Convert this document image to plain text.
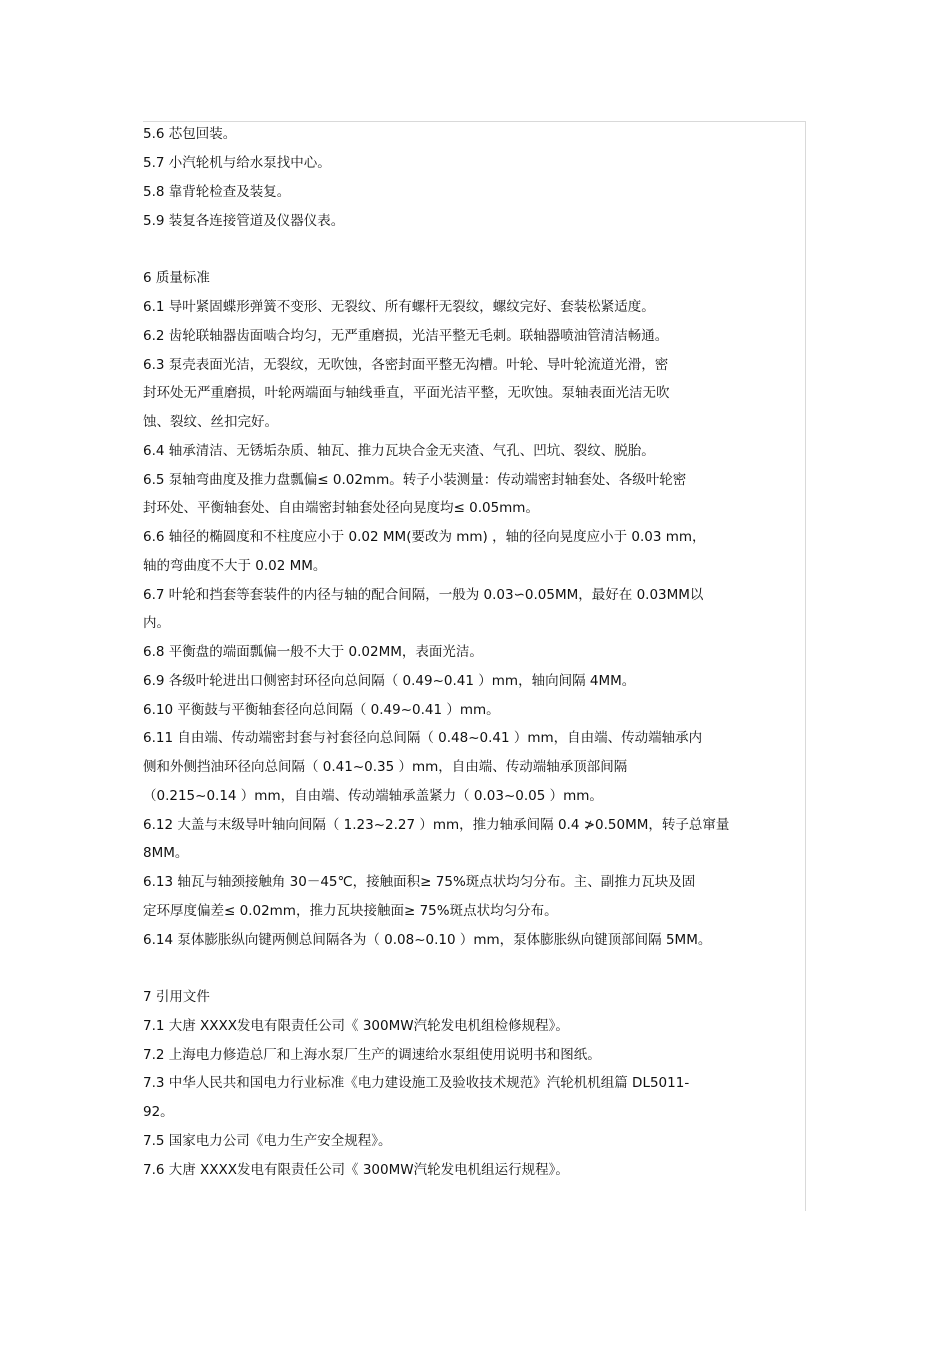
5.6 芯包回装。
5.7 小汽轮机与给水泵找中心。
5.8 靠背轮检查及装复。
5.9 装复各连接管道及仪器仪表。
6 质量标准
6.1 导叶紧固蝶形弹簧不变形、无裂纹、所有螺杆无裂纹，螺纹完好、套装松紧适度。
6.2 齿轮联轴器齿面啮合均匀，无严重磨损，光洁平整无毛刺。联轴器喷油管清洁畅通。
6.3 泵壳表面光洁，无裂纹，无吹蚀，各密封面平整无沟槽。叶轮、导叶轮流道光滑，密
封环处无严重磨损，叶轮两端面与轴线垂直，平面光洁平整，无吹蚀。泵轴表面光洁无吹
蚀、裂纹、丝扣完好。
6.4 轴承清洁、无锈垢杂质、轴瓦、推力瓦块合金无夹渣、气孔、凹坑、裂纹、脱胎。
6.5 泵轴弯曲度及推力盘瓢偏≤ 0.02mm。转子小装测量：传动端密封轴套处、各级叶轮密
封环处、平衡轴套处、自由端密封轴套处径向晃度均≤ 0.05mm。
6.6 轴径的椭圆度和不柱度应小于 0.02 MM(要改为 mm) ，轴的径向晃度应小于 0.03 mm，
轴的弯曲度不大于 0.02 MM。
6.7 叶轮和挡套等套装件的内径与轴的配合间隔，一般为 0.03∽0.05MM，最好在 0.03MM以
内。
6.8 平衡盘的端面瓢偏一般不大于 0.02MM，表面光洁。
6.9 各级叶轮进出口侧密封环径向总间隔（ 0.49~0.41 ）mm，轴向间隔 4MM。
6.10 平衡鼓与平衡轴套径向总间隔（ 0.49~0.41 ）mm。
6.11 自由端、传动端密封套与衬套径向总间隔（ 0.48~0.41 ）mm，自由端、传动端轴承内
侧和外侧挡油环径向总间隔（ 0.41~0.35 ）mm，自由端、传动端轴承顶部间隔
（0.215~0.14 ）mm，自由端、传动端轴承盖紧力（ 0.03~0.05 ）mm。
6.12 大盖与末级导叶轴向间隔（ 1.23~2.27 ）mm，推力轴承间隔 0.4 ≯0.50MM，转子总窜量
8MM。
6.13 轴瓦与轴颈接触角 30－45℃，接触面积≥ 75%斑点状均匀分布。主、副推力瓦块及固
定环厚度偏差≤ 0.02mm，推力瓦块接触面≥ 75%斑点状均匀分布。
6.14 泵体膨胀纵向键两侧总间隔各为（ 0.08~0.10 ）mm，泵体膨胀纵向键顶部间隔 5MM。
7 引用文件
7.1 大唐 XXXX发电有限责任公司《 300MW汽轮发电机组检修规程》。
7.2 上海电力修造总厂和上海水泵厂生产的调速给水泵组使用说明书和图纸。
7.3 中华人民共和国电力行业标准《电力建设施工及验收技术规范》汽轮机机组篇 DL5011-
92。
7.5 国家电力公司《电力生产安全规程》。
7.6 大唐 XXXX发电有限责任公司《 300MW汽轮发电机组运行规程》。
